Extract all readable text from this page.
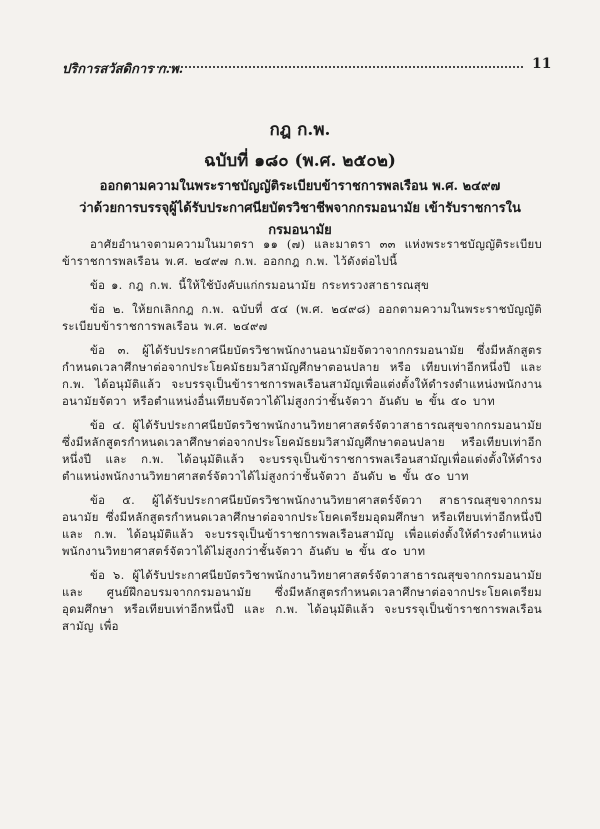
ปริการสวัสดิการ ก.พ.	11
กฎ ก.พ.
ฉบับที่ ๑๘๐ (พ.ศ. ๒๕๐๒)
ออกตามความในพระราชบัญญัติระเบียบข้าราชการพลเรือน พ.ศ. ๒๔๙๗
ว่าด้วยการบรรจุผู้ได้รับประกาศนียบัตรวิชาชีพจากกรมอนามัย เข้ารับราชการใน
กรมอนามัย

อาศัยอำนาจตามความในมาตรา ๑๑ (๗) และมาตรา ๓๓ แห่งพระราชบัญญัติระเบียบข้าราชการพลเรือน พ.ศ. ๒๔๙๗ ก.พ. ออกกฎ ก.พ. ไว้ดังต่อไปนี้

ข้อ ๑. กฎ ก.พ. นี้ให้ใช้บังคับแก่กรมอนามัย กระทรวงสาธารณสุข

ข้อ ๒. ให้ยกเลิกกฎ ก.พ. ฉบับที่ ๕๔ (พ.ศ. ๒๔๙๘) ออกตามความในพระราชบัญญัติระเบียบข้าราชการพลเรือน พ.ศ. ๒๔๙๗

ข้อ ๓. ผู้ได้รับประกาศนียบัตรวิชาพนักงานอนามัยจัตวาจากกรมอนามัย ซึ่งมีหลักสูตรกำหนดเวลาศึกษาต่อจากประโยคมัธยมวิสามัญศึกษาตอนปลาย หรือ เทียบเท่าอีกหนึ่งปี และ ก.พ. ได้อนุมัติแล้ว จะบรรจุเป็นข้าราชการพลเรือนสามัญเพื่อแต่งตั้งให้ดำรงตำแหน่งพนักงานอนามัยจัตวา หรือตำแหน่งอื่นเทียบจัตวาได้ไม่สูงกว่าชั้นจัตวา อันดับ ๒ ขั้น ๕๐ บาท

ข้อ ๔. ผู้ได้รับประกาศนียบัตรวิชาพนักงานวิทยาศาสตร์จัตวาสาธารณสุขจากกรมอนามัย ซึ่งมีหลักสูตรกำหนดเวลาศึกษาต่อจากประโยคมัธยมวิสามัญศึกษาตอนปลาย หรือเทียบเท่าอีกหนึ่งปี และ ก.พ. ได้อนุมัติแล้ว จะบรรจุเป็นข้าราชการพลเรือนสามัญเพื่อแต่งตั้งให้ดำรงตำแหน่งพนักงานวิทยาศาสตร์จัตวาได้ไม่สูงกว่าชั้นจัตวา อันดับ ๒ ขั้น ๕๐ บาท

ข้อ ๕. ผู้ได้รับประกาศนียบัตรวิชาพนักงานวิทยาศาสตร์จัตวา สาธารณสุขจากกรมอนามัย ซึ่งมีหลักสูตรกำหนดเวลาศึกษาต่อจากประโยคเตรียมอุดมศึกษา หรือเทียบเท่าอีกหนึ่งปี และ ก.พ. ได้อนุมัติแล้ว จะบรรจุเป็นข้าราชการพลเรือนสามัญ เพื่อแต่งตั้งให้ดำรงตำแหน่งพนักงานวิทยาศาสตร์จัตวาได้ไม่สูงกว่าชั้นจัตวา อันดับ ๒ ขั้น ๕๐ บาท

ข้อ ๖. ผู้ได้รับประกาศนียบัตรวิชาพนักงานวิทยาศาสตร์จัตวาสาธารณสุขจากกรมอนามัย และ ศูนย์ฝึกอบรมจากกรมอนามัย ซึ่งมีหลักสูตรกำหนดเวลาศึกษาต่อจากประโยคเตรียมอุดมศึกษา หรือเทียบเท่าอีกหนึ่งปี และ ก.พ. ได้อนุมัติแล้ว จะบรรจุเป็นข้าราชการพลเรือนสามัญ เพื่อ
